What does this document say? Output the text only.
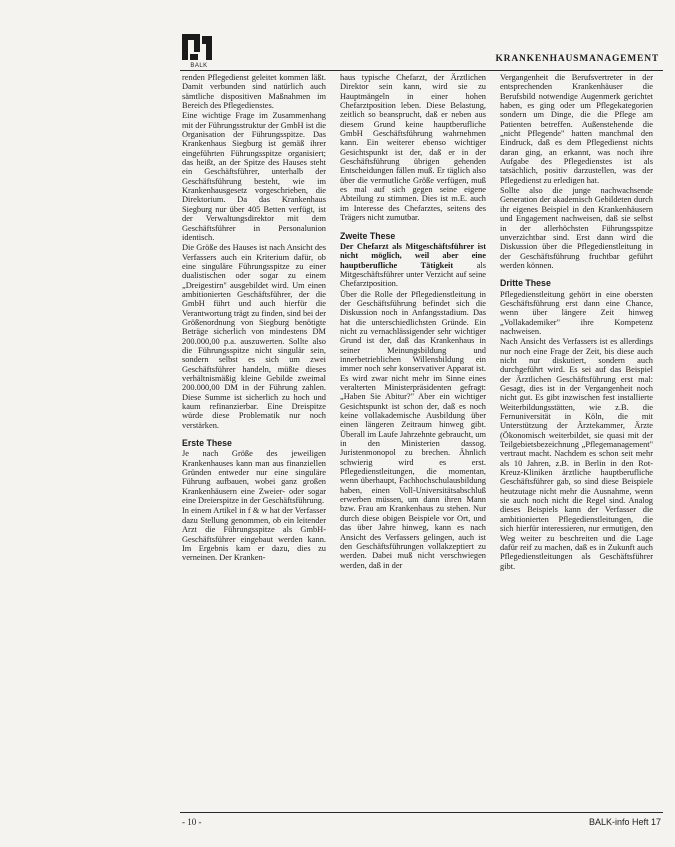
BALK
KRANKENHAUSMANAGEMENT

renden Pflegedienst geleitet kommen läßt. Damit verbunden sind natürlich auch sämtliche dispositiven Maßnahmen im Bereich des Pflegedienstes.

Eine wichtige Frage im Zusammenhang mit der Führungsstruktur der GmbH ist die Organisation der Führungsspitze. Das Krankenhaus Siegburg ist gemäß ihrer eingeführten Führungsspitze organisiert; das heißt, an der Spitze des Hauses steht ein Geschäftsführer, unterhalb der Geschäftsführung besteht, wie im Krankenhausgesetz vorgeschrieben, die Direktorium. Da das Krankenhaus Siegburg nur über 405 Betten verfügt, ist der Verwaltungsdirektor mit dem Geschäftsführer in Personalunion identisch.

Die Größe des Hauses ist nach Ansicht des Verfassers auch ein Kriterium dafür, ob eine singuläre Führungsspitze zu einer dualistischen oder sogar zu einem „Dreigestirn" ausgebildet wird. Um einen ambitionierten Geschäftsführer, der die GmbH führt und auch hierfür die Verantwortung trägt zu finden, sind bei der Größenordnung von Siegburg benötigte Beträge sicherlich von mindestens DM 200.000,00 p.a. auszuwerten. Sollte also die Führungsspitze nicht singulär sein, sondern selbst es sich um zwei Geschäftsführer handeln, müßte dieses verhältnismäßig kleine Gebilde zweimal 200.000,00 DM in der Führung zahlen. Diese Summe ist sicherlich zu hoch und kaum refinanzierbar. Eine Dreispitze würde diese Problematik nur noch verstärken.

Erste These

Je nach Größe des jeweiligen Krankenhauses kann man aus finanziellen Gründen entweder nur eine singuläre Führung aufbauen, wobei ganz großen Krankenhäusern eine Zweier- oder sogar eine Dreierspitze in der Geschäftsführung.

In einem Artikel in f & w hat der Verfasser dazu Stellung genommen, ob ein leitender Arzt die Führungsspitze als GmbH-Geschäftsführer eingebaut werden kann. Im Ergebnis kam er dazu, dies zu verneinen. Der Kranken-

haus typische Chefarzt, der Ärztlichen Direktor sein kann, wird sie zu Hauptmängeln in einer hohen Chefarztposition leben. Diese Belastung, zeitlich so beansprucht, daß er neben aus diesem Grund keine hauptberufliche GmbH Geschäftsführung wahrnehmen kann. Ein weiterer ebenso wichtiger Gesichtspunkt ist der, daß er in der Geschäftsführung übrigen gehenden Entscheidungen fällen muß. Er täglich also über die vermutliche Größe verfügen, muß es mal auf sich gegen seine eigene Abteilung zu stimmen. Dies ist m.E. auch im Interesse des Chefarztes, seitens des Trägers nicht zumutbar.

Zweite These

Der Chefarzt als Mitgeschäftsführer ist nicht möglich, weil aber eine hauptberufliche Tätigkeit als Mitgeschäftsführer unter Verzicht auf seine Chefarztposition.

Über die Rolle der Pflegedienstleitung in der Geschäftsführung befindet sich die Diskussion noch in Anfangsstadium. Das hat die unterschiedlichsten Gründe. Ein nicht zu vernachlässigender sehr wichtiger Grund ist der, daß das Krankenhaus in seiner Meinungsbildung und innerbetrieblichen Willensbildung ein immer noch sehr konservativer Apparat ist. Es wird zwar nicht mehr im Sinne eines veralterten Ministerpräsidenten gefragt: „Haben Sie Abitur?" Aber ein wichtiger Gesichtspunkt ist schon der, daß es noch keine vollakademische Ausbildung über einen längeren Zeitraum hinweg gibt. Überall im Laufe Jahrzehnte gebraucht, um in den Ministerien dassog. Juristenmonopol zu brechen. Ähnlich schwierig wird es erst. Pflegedienstleitungen, die momentan, wenn überhaupt, Fachhochschulausbildung haben, einen Voll-Universitätsabschluß erwerben müssen, um dann ihren Mann bzw. Frau am Krankenhaus zu stehen. Nur durch diese obigen Beispiele vor Ort, und das über Jahre hinweg, kann es nach Ansicht des Verfassers gelingen, auch ist den Geschäftsführungen vollakzeptiert zu werden. Dabei muß nicht verschwiegen werden, daß in der

Vergangenheit die Berufsvertreter in der entsprechenden Krankenhäuser die Berufsbild notwendige Augenmerk gerichtet haben, es ging oder um Pflegekategorien sondern um Dinge, die die Pflege am Patienten betreffen. Außenstehende die „nicht Pflegende" hatten manchmal den Eindruck, daß es dem Pflegedienst nichts daran ging, an erkannt, was noch ihre Aufgabe des Pflegedienstes ist als tatsächlich, positiv darzustellen, was der Pflegedienst zu erledigen hat.

Sollte also die junge nachwachsende Generation der akademisch Gebildeten durch ihr eigenes Beispiel in den Krankenhäusern und Engagement nachweisen, daß sie selbst in der allerhöchsten Führungsspitze unverzichtbar sind. Erst dann wird die Diskussion über die Pflegedienstleitung in der Geschäftsführung fruchtbar geführt werden können.

Dritte These

Pflegedienstleitung gehört in eine obersten Geschäftsführung erst dann eine Chance, wenn über längere Zeit hinweg „Vollakademiker" ihre Kompetenz nachweisen.

Nach Ansicht des Verfassers ist es allerdings nur noch eine Frage der Zeit, bis diese auch nicht nur diskutiert, sondern auch durchgeführt wird. Es sei auf das Beispiel der Ärztlichen Geschäftsführung erst mal: Gesagt, dies ist in der Vergangenheit noch nicht gut. Es gibt inzwischen fest installierte Weiterbildungsstätten, wie z.B. die Fernuniversität in Köln, die mit Unterstützung der Ärztekammer, Ärzte (Ökonomisch weiterbildet, sie quasi mit der Teilgebietsbezeichnung „Pflegemanagement" vertraut macht. Nachdem es schon seit mehr als 10 Jahren, z.B. in Berlin in den Rot-Kreuz-Kliniken ärztliche hauptberufliche Geschäftsführer gab, so sind diese Beispiele heutzutage nicht mehr die Ausnahme, wenn sie auch noch nicht die Regel sind. Analog dieses Beispiels kann der Verfasser die ambitionierten Pflegedienstleitungen, die sich hierfür interessieren, nur ermutigen, den Weg weiter zu beschreiten und die Lage dafür reif zu machen, daß es in Zukunft auch Pflegedienstleitungen als Geschäftsführer gibt.

- 10 -	BALK-info Heft 17
